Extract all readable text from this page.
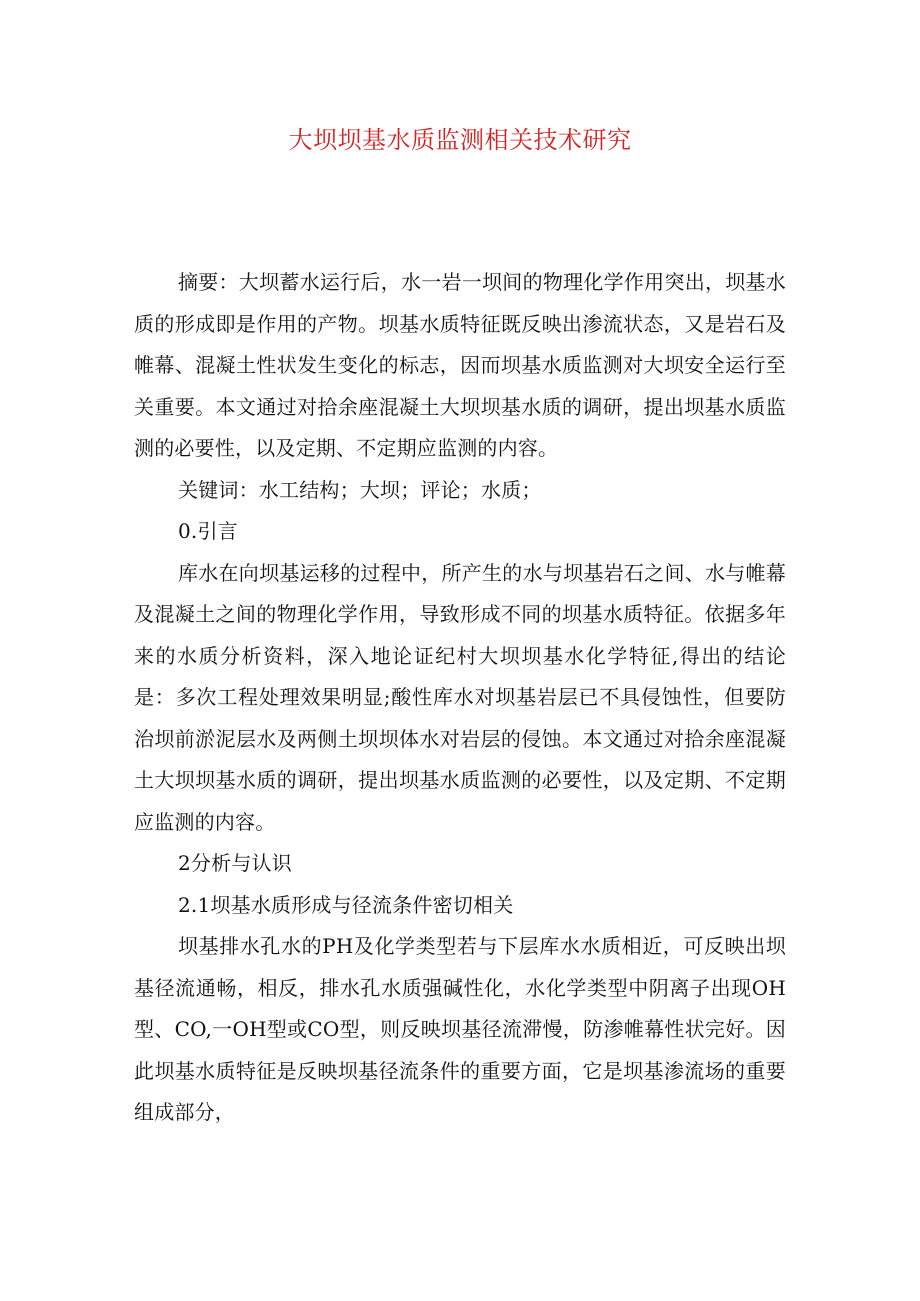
大坝坝基水质监测相关技术研究

摘要：大坝蓄水运行后，水一岩一坝间的物理化学作用突出，坝基水质的形成即是作用的产物。坝基水质特征既反映出渗流状态，又是岩石及帷幕、混凝土性状发生变化的标志，因而坝基水质监测对大坝安全运行至关重要。本文通过对拾余座混凝土大坝坝基水质的调研，提出坝基水质监测的必要性，以及定期、不定期应监测的内容。

关键词：水工结构；大坝；评论；水质；

0.引言

库水在向坝基运移的过程中，所产生的水与坝基岩石之间、水与帷幕及混凝土之间的物理化学作用，导致形成不同的坝基水质特征。依据多年来的水质分析资料，深入地论证纪村大坝坝基水化学特征,得出的结论是：多次工程处理效果明显;酸性库水对坝基岩层已不具侵蚀性，但要防治坝前淤泥层水及两侧土坝坝体水对岩层的侵蚀。本文通过对拾余座混凝土大坝坝基水质的调研，提出坝基水质监测的必要性，以及定期、不定期应监测的内容。

2分析与认识

2.1坝基水质形成与径流条件密切相关

坝基排水孔水的PH及化学类型若与下层库水水质相近，可反映出坝基径流通畅，相反，排水孔水质强碱性化，水化学类型中阴离子出现OH型、CO,一OH型或CO型，则反映坝基径流滞慢，防渗帷幕性状完好。因此坝基水质特征是反映坝基径流条件的重要方面，它是坝基渗流场的重要组成部分，
